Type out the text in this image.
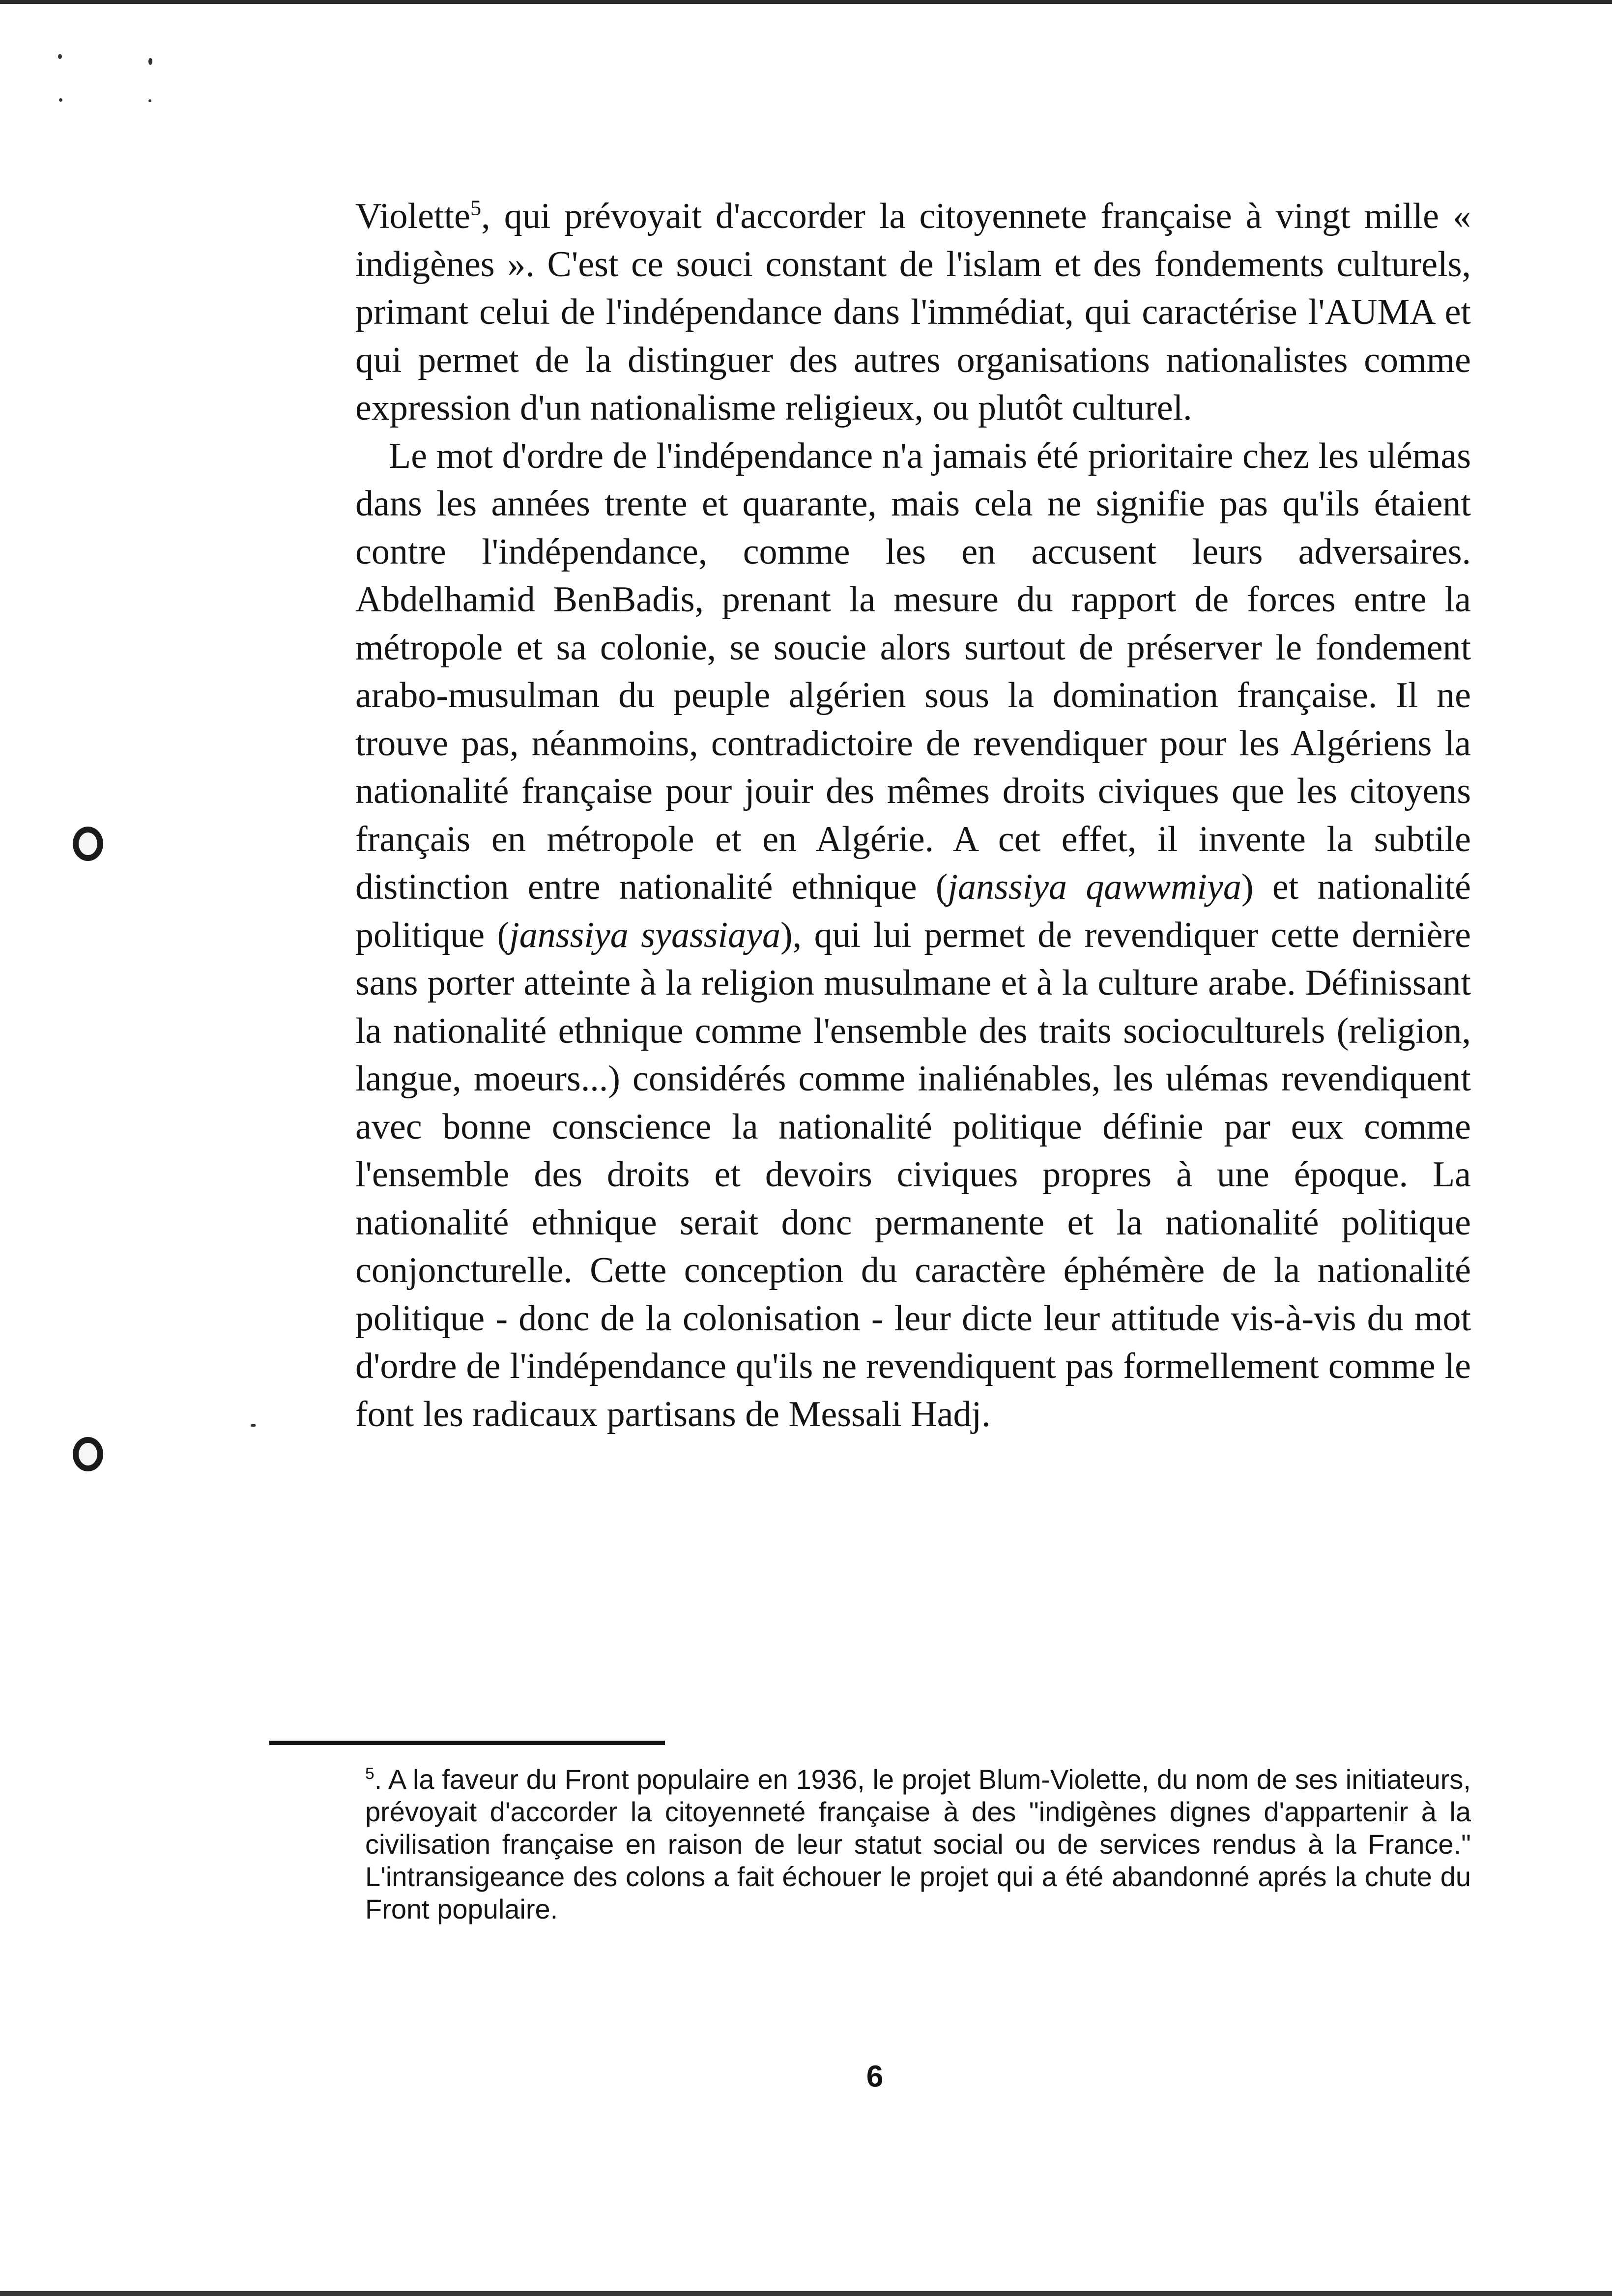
Violette$^5$, qui prévoyait d'accorder la citoyennete française à vingt mille « indigènes ». C'est ce souci constant de l'islam et des fondements culturels, primant celui de l'indépendance dans l'immédiat, qui caractérise l'AUMA et qui permet de la distinguer des autres organisations nationalistes comme expression d'un nationalisme religieux, ou plutôt culturel.

Le mot d'ordre de l'indépendance n'a jamais été prioritaire chez les ulémas dans les années trente et quarante, mais cela ne signifie pas qu'ils étaient contre l'indépendance, comme les en accusent leurs adversaires. Abdelhamid BenBadis, prenant la mesure du rapport de forces entre la métropole et sa colonie, se soucie alors surtout de préserver le fondement arabo-musulman du peuple algérien sous la domination française. Il ne trouve pas, néanmoins, contradictoire de revendiquer pour les Algériens la nationalité française pour jouir des mêmes droits civiques que les citoyens français en métropole et en Algérie. A cet effet, il invente la subtile distinction entre nationalité ethnique (janssiya qawwmiya) et nationalité politique (janssiya syassiaya), qui lui permet de revendiquer cette dernière sans porter atteinte à la religion musulmane et à la culture arabe. Définissant la nationalité ethnique comme l'ensemble des traits socioculturels (religion, langue, moeurs...) considérés comme inaliénables, les ulémas revendiquent avec bonne conscience la nationalité politique définie par eux comme l'ensemble des droits et devoirs civiques propres à une époque. La nationalité ethnique serait donc permanente et la nationalité politique conjoncturelle. Cette conception du caractère éphémère de la nationalité politique - donc de la colonisation - leur dicte leur attitude vis-à-vis du mot d'ordre de l'indépendance qu'ils ne revendiquent pas formellement comme le font les radicaux partisans de Messali Hadj.

$^5$. A la faveur du Front populaire en 1936, le projet Blum-Violette, du nom de ses initiateurs, prévoyait d'accorder la citoyenneté française à des "indigènes dignes d'appartenir à la civilisation française en raison de leur statut social ou de services rendus à la France." L'intransigeance des colons a fait échouer le projet qui a été abandonné aprés la chute du Front populaire.

6
